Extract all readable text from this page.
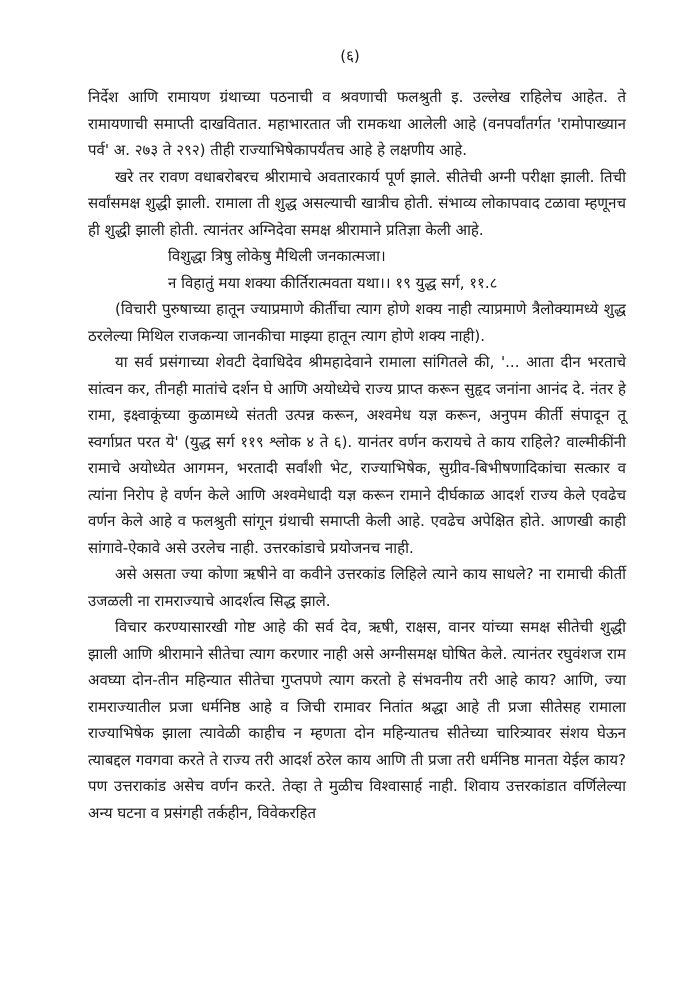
(६)

निर्देश आणि रामायण ग्रंथाच्या पठनाची व श्रवणाची फलश्रुती इ. उल्लेख राहिलेच आहेत. ते रामायणाची समाप्ती दाखवितात. महाभारतात जी रामकथा आलेली आहे (वनपर्वांतर्गत 'रामोपाख्यान पर्व' अ. २७३ ते २९२) तीही राज्याभिषेकापर्यंतच आहे हे लक्षणीय आहे.

खरे तर रावण वधाबरोबरच श्रीरामाचे अवतारकार्य पूर्ण झाले. सीतेची अग्नी परीक्षा झाली. तिची सर्वांसमक्ष शुद्धी झाली. रामाला ती शुद्ध असल्याची खात्रीच होती. संभाव्य लोकापवाद टळावा म्हणूनच ही शुद्धी झाली होती. त्यानंतर अग्निदेवा समक्ष श्रीरामाने प्रतिज्ञा केली आहे.

विशुद्धा त्रिषु लोकेषु मैथिली जनकात्मजा।

न विहातुं मया शक्या कीर्तिरात्मवता यथा।। १९ युद्ध सर्ग, ११.८

(विचारी पुरुषाच्या हातून ज्याप्रमाणे कीर्तीचा त्याग होणे शक्य नाही त्याप्रमाणे त्रैलोक्यामध्ये शुद्ध ठरलेल्या मिथिल राजकन्या जानकीचा माझ्या हातून त्याग होणे शक्य नाही).

या सर्व प्रसंगाच्या शेवटी देवाधिदेव श्रीमहादेवाने रामाला सांगितले की, '... आता दीन भरताचे सांत्वन कर, तीनही मातांचे दर्शन घे आणि अयोध्येचे राज्य प्राप्त करून सुहृद जनांना आनंद दे. नंतर हे रामा, इक्ष्वाकूंच्या कुळामध्ये संतती उत्पन्न करून, अश्वमेध यज्ञ करून, अनुपम कीर्ती संपादून तू स्वर्गाप्रत परत ये' (युद्ध सर्ग ११९ श्लोक ४ ते ६). यानंतर वर्णन करायचे ते काय राहिले? वाल्मीकींनी रामाचे अयोध्येत आगमन, भरतादी सर्वांशी भेट, राज्याभिषेक, सुग्रीव-बिभीषणादिकांचा सत्कार व त्यांना निरोप हे वर्णन केले आणि अश्वमेधादी यज्ञ करून रामाने दीर्घकाळ आदर्श राज्य केले एवढेच वर्णन केले आहे व फलश्रुती सांगून ग्रंथाची समाप्ती केली आहे. एवढेच अपेक्षित होते. आणखी काही सांगावे-ऐकावे असे उरलेच नाही. उत्तरकांडाचे प्रयोजनच नाही.

असे असता ज्या कोणा ऋषीने वा कवीने उत्तरकांड लिहिले त्याने काय साधले? ना रामाची कीर्ती उजळली ना रामराज्याचे आदर्शत्व सिद्ध झाले.

विचार करण्यासारखी गोष्ट आहे की सर्व देव, ऋषी, राक्षस, वानर यांच्या समक्ष सीतेची शुद्धी झाली आणि श्रीरामाने सीतेचा त्याग करणार नाही असे अग्नीसमक्ष घोषित केले. त्यानंतर रघुवंशज राम अवघ्या दोन-तीन महिन्यात सीतेचा गुप्तपणे त्याग करतो हे संभवनीय तरी आहे काय? आणि, ज्या रामराज्यातील प्रजा धर्मनिष्ठ आहे व जिची रामावर नितांत श्रद्धा आहे ती प्रजा सीतेसह रामाला राज्याभिषेक झाला त्यावेळी काहीच न म्हणता दोन महिन्यातच सीतेच्या चारित्र्यावर संशय घेऊन त्याबद्दल गवगवा करते ते राज्य तरी आदर्श ठरेल काय आणि ती प्रजा तरी धर्मनिष्ठ मानता येईल काय? पण उत्तराकांड असेच वर्णन करते. तेव्हा ते मुळीच विश्वासार्ह नाही. शिवाय उत्तरकांडात वर्णिलेल्या अन्य घटना व प्रसंगही तर्कहीन, विवेकरहित
